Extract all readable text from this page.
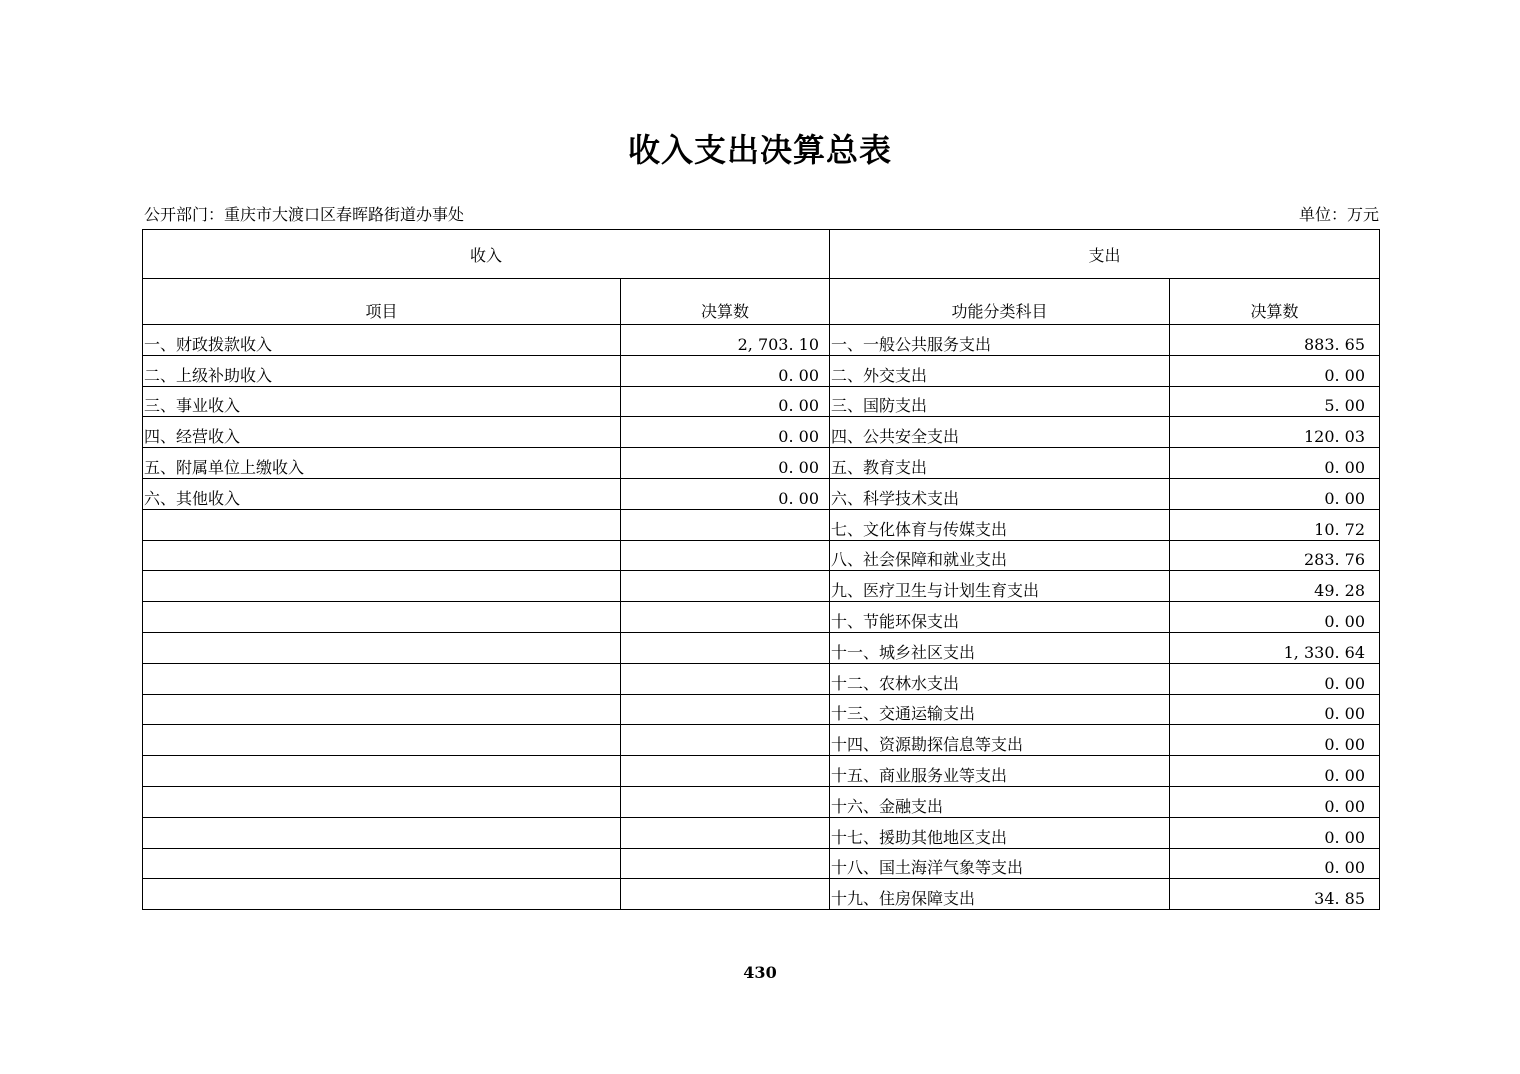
收入支出决算总表
公开部门：重庆市大渡口区春晖路街道办事处	单位：万元
收入		支出	
项目	决算数	功能分类科目	决算数
一、财政拨款收入	2, 703. 10	一、一般公共服务支出	883. 65
二、上级补助收入	0. 00	二、外交支出	0. 00
三、事业收入	0. 00	三、国防支出	5. 00
四、经营收入	0. 00	四、公共安全支出	120. 03
五、附属单位上缴收入	0. 00	五、教育支出	0. 00
六、其他收入	0. 00	六、科学技术支出	0. 00
		七、文化体育与传媒支出	10. 72
		八、社会保障和就业支出	283. 76
		九、医疗卫生与计划生育支出	49. 28
		十、节能环保支出	0. 00
		十一、城乡社区支出	1, 330. 64
		十二、农林水支出	0. 00
		十三、交通运输支出	0. 00
		十四、资源勘探信息等支出	0. 00
		十五、商业服务业等支出	0. 00
		十六、金融支出	0. 00
		十七、援助其他地区支出	0. 00
		十八、国土海洋气象等支出	0. 00
		十九、住房保障支出	34. 85
430
